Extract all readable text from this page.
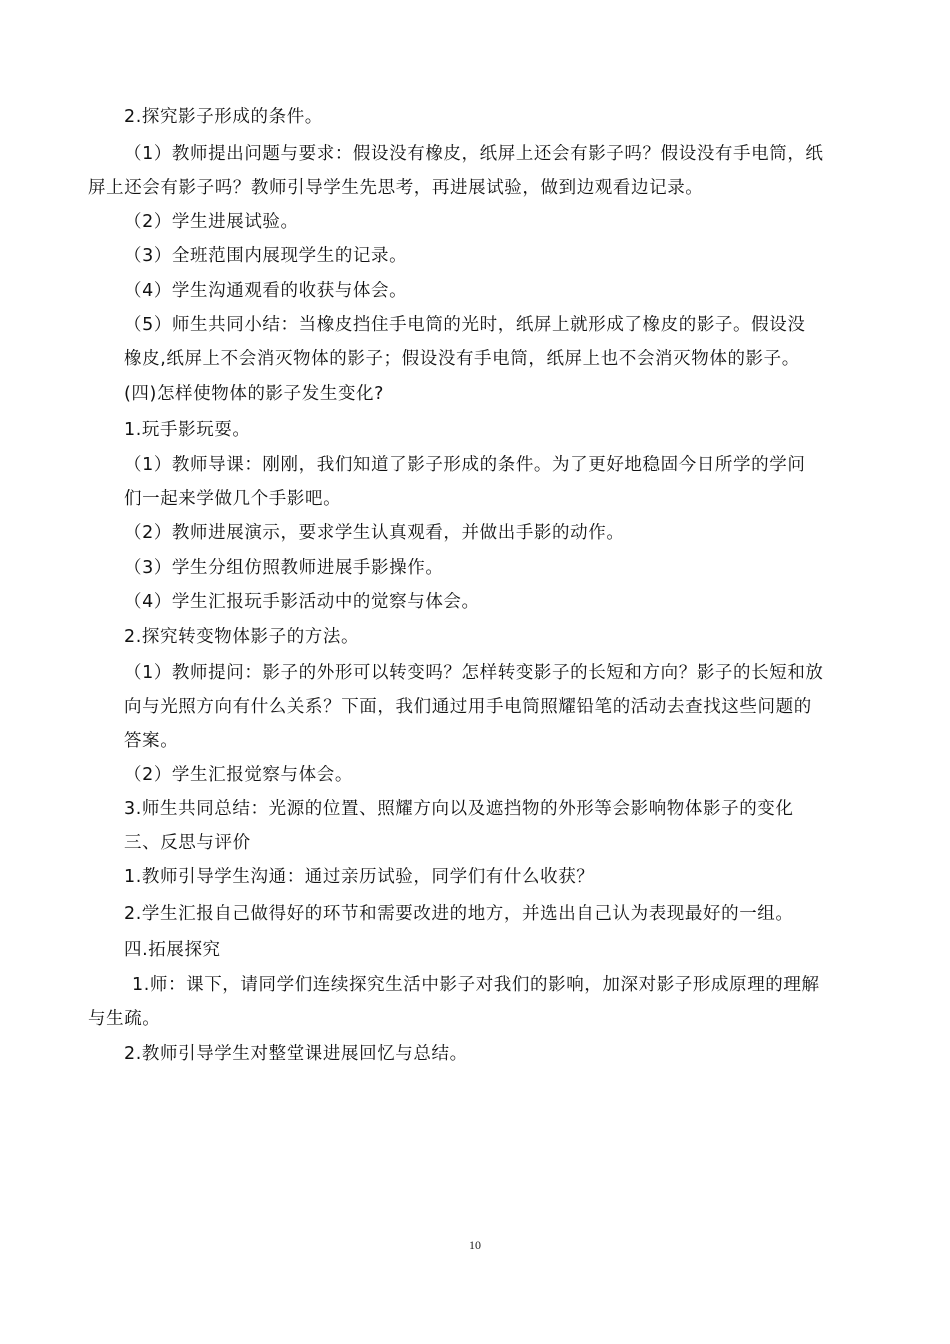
2.探究影子形成的条件。
（1）教师提出问题与要求：假设没有橡皮，纸屏上还会有影子吗？假设没有手电筒，纸
屏上还会有影子吗？教师引导学生先思考，再进展试验，做到边观看边记录。
（2）学生进展试验。
（3）全班范围内展现学生的记录。
（4）学生沟通观看的收获与体会。
（5）师生共同小结：当橡皮挡住手电筒的光时，纸屏上就形成了橡皮的影子。假设没
橡皮,纸屏上不会消灭物体的影子；假设没有手电筒，纸屏上也不会消灭物体的影子。
(四)怎样使物体的影子发生变化?
1.玩手影玩耍。
（1）教师导课：刚刚，我们知道了影子形成的条件。为了更好地稳固今日所学的学问
们一起来学做几个手影吧。
（2）教师进展演示，要求学生认真观看，并做出手影的动作。
（3）学生分组仿照教师进展手影操作。
（4）学生汇报玩手影活动中的觉察与体会。
2.探究转变物体影子的方法。
（1）教师提问：影子的外形可以转变吗？怎样转变影子的长短和方向？影子的长短和放
向与光照方向有什么关系？下面，我们通过用手电筒照耀铅笔的活动去查找这些问题的
答案。
（2）学生汇报觉察与体会。
3.师生共同总结：光源的位置、照耀方向以及遮挡物的外形等会影响物体影子的变化
三、反思与评价
1.教师引导学生沟通：通过亲历试验，同学们有什么收获？
2.学生汇报自己做得好的环节和需要改进的地方，并选出自己认为表现最好的一组。
四.拓展探究
1.师：课下，请同学们连续探究生活中影子对我们的影响，加深对影子形成原理的理解
与生疏。
2.教师引导学生对整堂课进展回忆与总结。
10
